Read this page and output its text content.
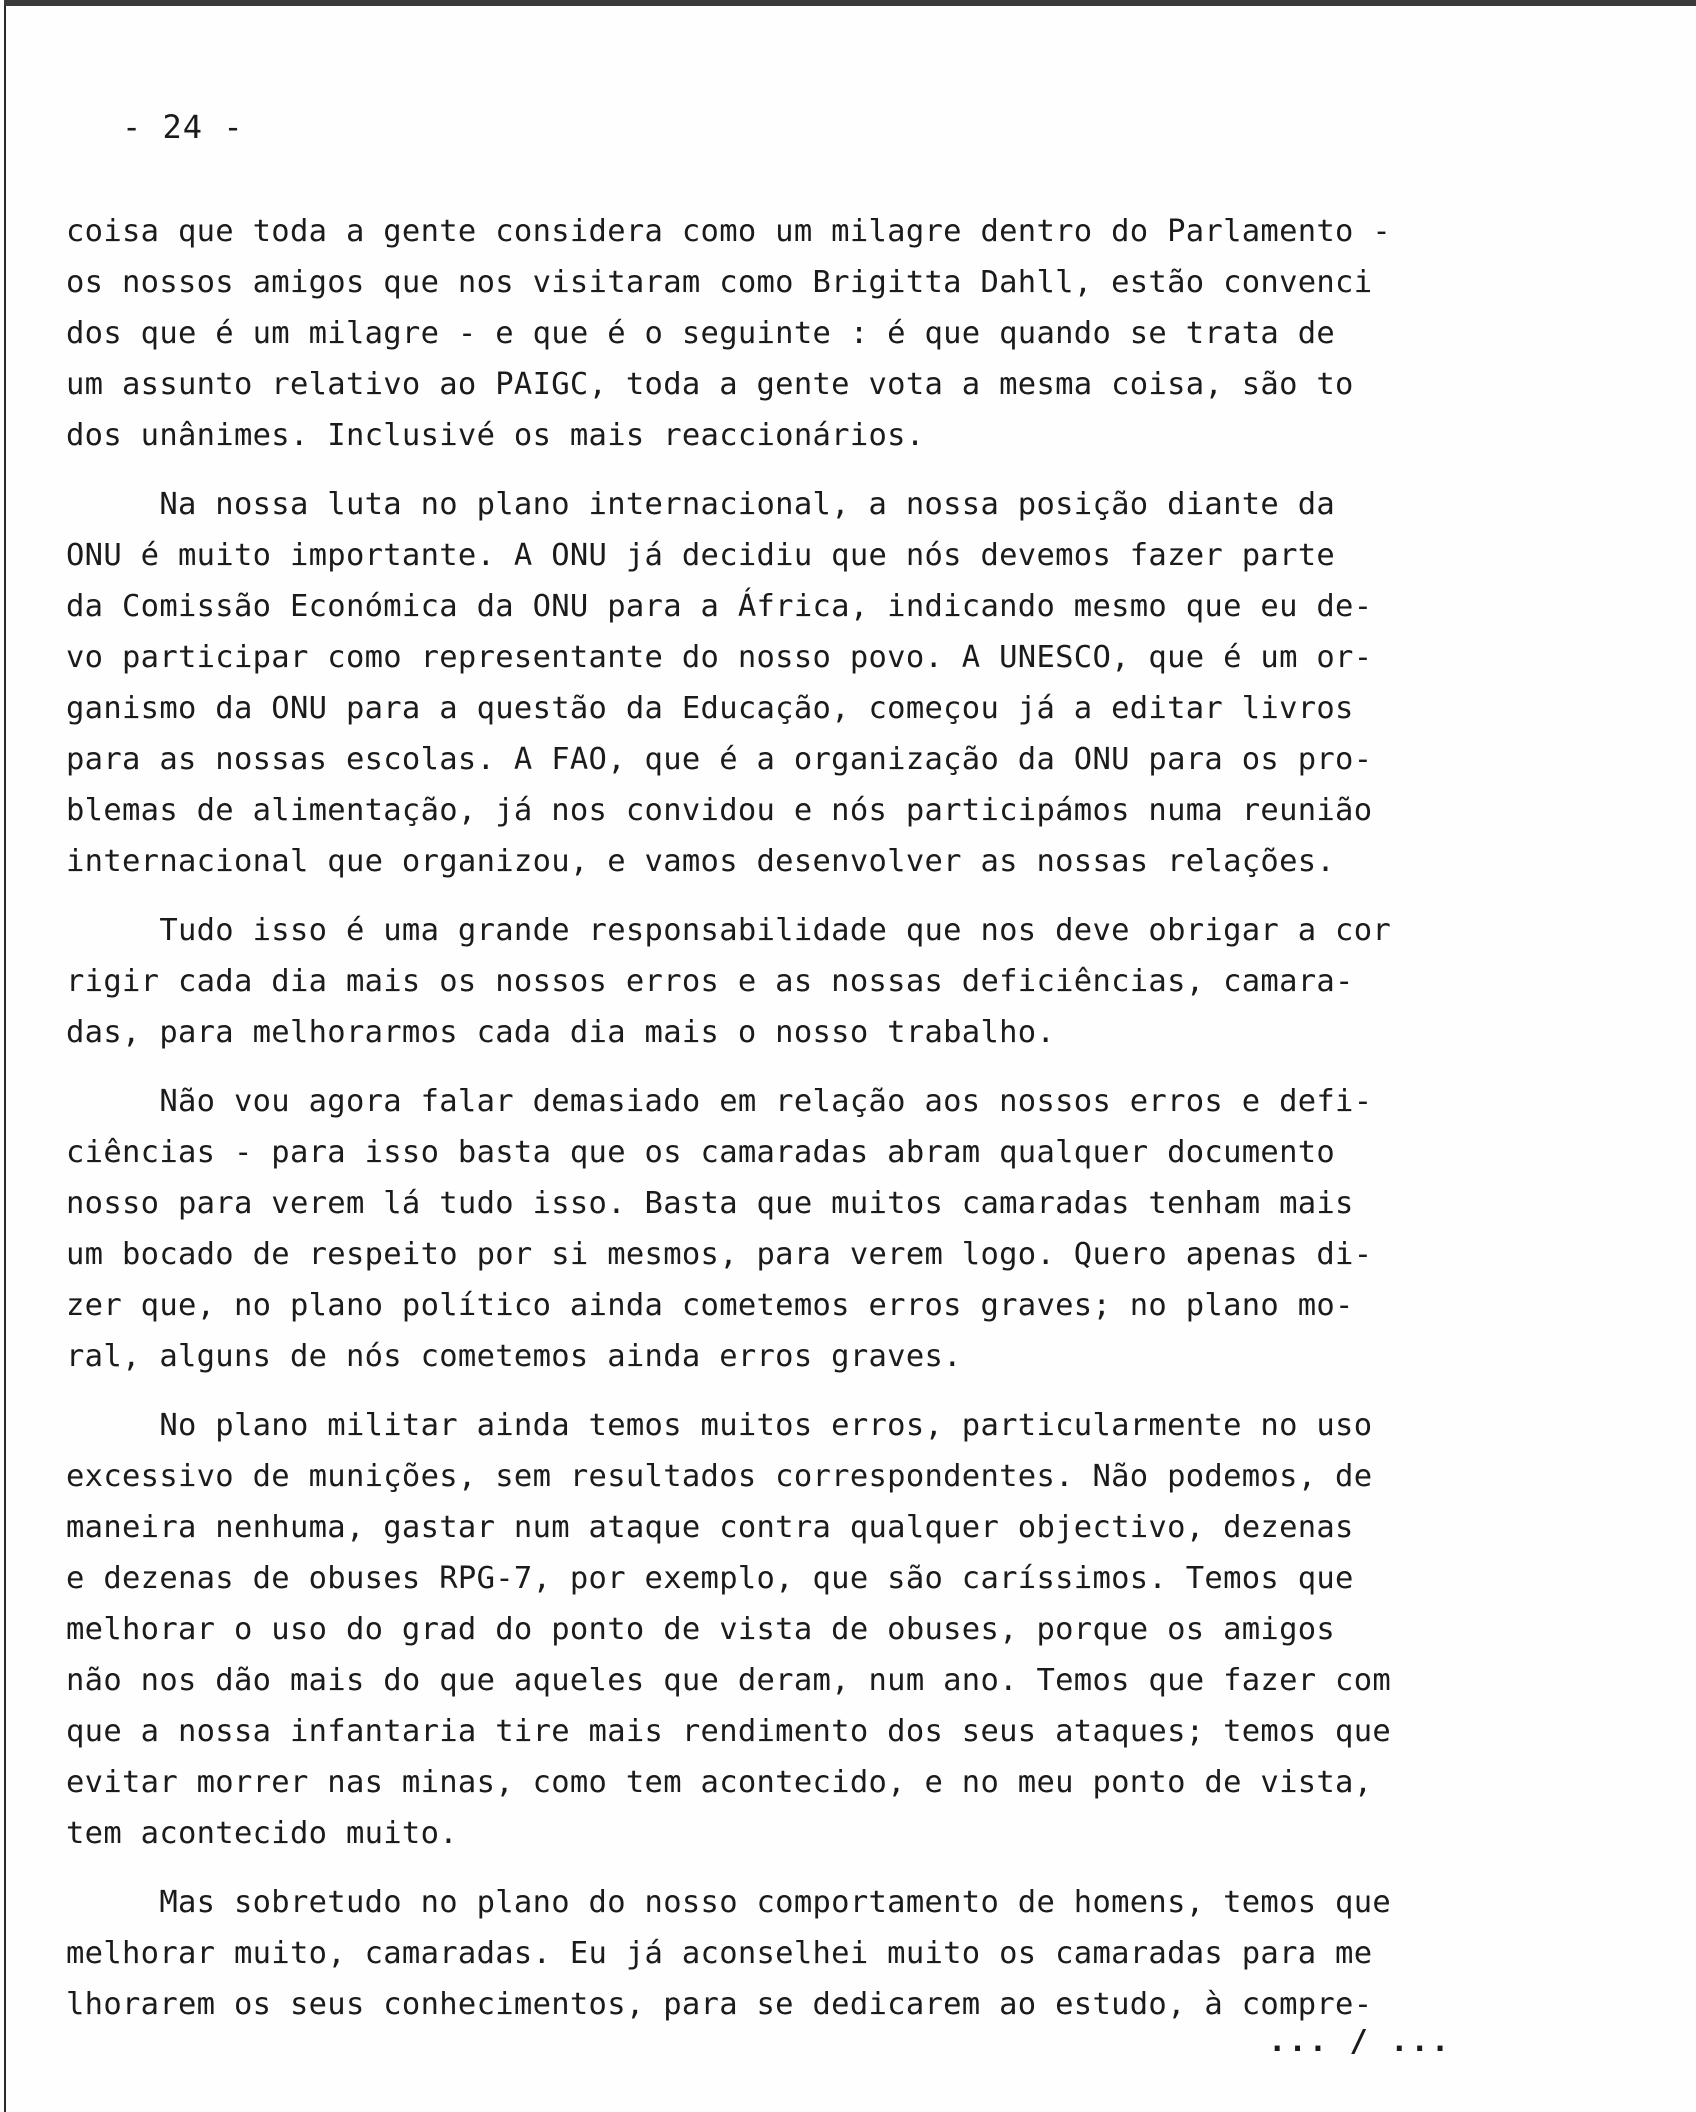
- 24 -
coisa que toda a gente considera como um milagre dentro do Parlamento -
os nossos amigos que nos visitaram como Brigitta Dahll, estão convenci
dos que é um milagre - e que é o seguinte : é que quando se trata de
um assunto relativo ao PAIGC, toda a gente vota a mesma coisa, são to
dos unânimes. Inclusivé os mais reaccionários.
Na nossa luta no plano internacional, a nossa posição diante da
ONU é muito importante. A ONU já decidiu que nós devemos fazer parte
da Comissão Económica da ONU para a África, indicando mesmo que eu de-
vo participar como representante do nosso povo. A UNESCO, que é um or-
ganismo da ONU para a questão da Educação, começou já a editar livros
para as nossas escolas. A FAO, que é a organização da ONU para os pro-
blemas de alimentação, já nos convidou e nós participámos numa reunião
internacional que organizou, e vamos desenvolver as nossas relações.
Tudo isso é uma grande responsabilidade que nos deve obrigar a cor
rigir cada dia mais os nossos erros e as nossas deficiências, camara-
das, para melhorarmos cada dia mais o nosso trabalho.
Não vou agora falar demasiado em relação aos nossos erros e defi-
ciências - para isso basta que os camaradas abram qualquer documento
nosso para verem lá tudo isso. Basta que muitos camaradas tenham mais
um bocado de respeito por si mesmos, para verem logo. Quero apenas di-
zer que, no plano político ainda cometemos erros graves; no plano mo-
ral, alguns de nós cometemos ainda erros graves.
No plano militar ainda temos muitos erros, particularmente no uso
excessivo de munições, sem resultados correspondentes. Não podemos, de
maneira nenhuma, gastar num ataque contra qualquer objectivo, dezenas
e dezenas de obuses RPG-7, por exemplo, que são caríssimos. Temos que
melhorar o uso do grad do ponto de vista de obuses, porque os amigos
não nos dão mais do que aqueles que deram, num ano. Temos que fazer com
que a nossa infantaria tire mais rendimento dos seus ataques; temos que
evitar morrer nas minas, como tem acontecido, e no meu ponto de vista,
tem acontecido muito.
Mas sobretudo no plano do nosso comportamento de homens, temos que
melhorar muito, camaradas. Eu já aconselhei muito os camaradas para me
lhorarem os seus conhecimentos, para se dedicarem ao estudo, à compre-
... / ...
